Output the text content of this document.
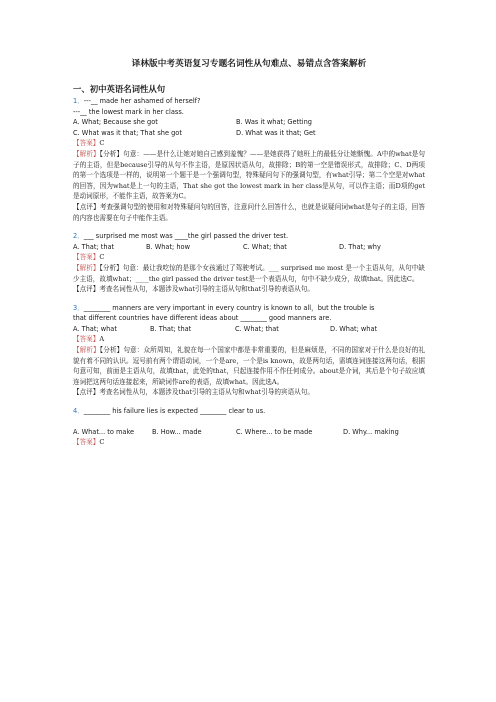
译林版中考英语复习专题名词性从句难点、易错点含答案解析
一、初中英语名词性从句
1．---__ made her ashamed of herself?
---__ the lowest mark in her class.
A. What; Because she got	B. Was it what; Getting
C. What was it that; That she got	D. What was it that; Get
【答案】C
【解析】【分析】句意：——是什么让她对她自己感到羞愧？——是她获得了她班上的最低分让她惭愧。A中的what是句子的主语，但是because引导的从句不作主语，是原因状语从句，故排除；B的第一空是错误形式，故排除；C、D两项的第一个选项是一样的，说明第一个题干是一个强调句型，特殊疑问句下的强调句型，有what引导；第二个空是对what的回答，因为what是上一句的主语，That she got the lowest mark in her class是从句，可以作主语；而D项的get是动词原形，不能作主语，故答案为C。
【点评】考查强调句型的使用和对特殊疑问句的回答，注意问什么回答什么，也就是说疑问词what是句子的主语，回答的内容也需要在句子中能作主语。
2．___ surprised me most was ____the girl passed the driver test.
A. That; that	B. What; how	C. What; that	D. That; why
【答案】C
【解析】【分析】句意：最让我吃惊的是那个女孩通过了驾驶考试。___ surprised me most 是一个主语从句，从句中缺少主语，故填what；____the girl passed the driver test是一个表语从句，句中不缺少成分，故填that。因此选C。
【点评】考查名词性从句，本题涉及what引导的主语从句和that引导的表语从句。
3．________ manners are very important in every country is known to all，but the trouble is
that different countries have different ideas about ________ good manners are.
A. That; what	B. That; that	C. What; that	D. What; what
【答案】A
【解析】【分析】句意：众所周知，礼貌在每一个国家中都是非常重要的，但是麻烦是，不同的国家对于什么是良好的礼貌有着不同的认识。逗号前有两个谓语动词，一个是are，一个是is known，故是两句话，需填连词连接这两句话，根据句意可知，前面是主语从句，故填that，此处的that，只起连接作用不作任何成分。about是介词，其后是个句子故应填连词把这两句话连接起来，所缺词作are的表语，故填what。因此选A。
【点评】考查名词性从句，本题涉及that引导的主语从句和what引导的宾语从句。
4．________ his failure lies is expected ________ clear to us.
A. What... to make	B. How... made	C. Where... to be made	D. Why... making
【答案】C
